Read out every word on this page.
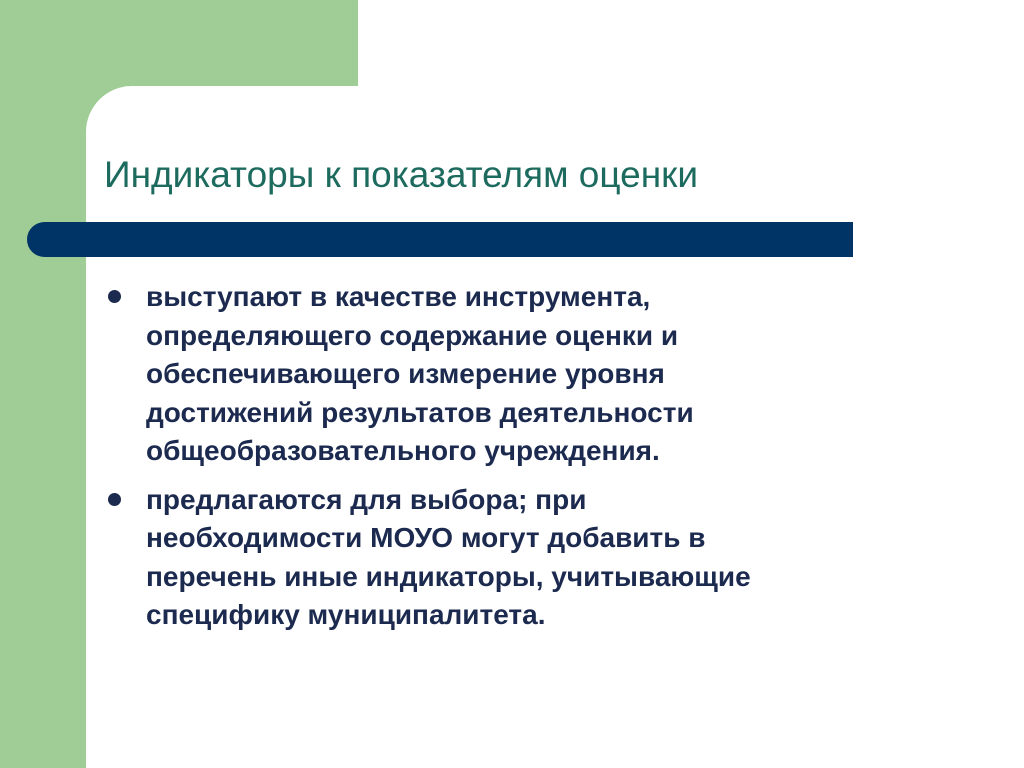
Индикаторы к показателям оценки
выступают в качестве инструмента,
определяющего содержание оценки и
обеспечивающего измерение уровня
достижений результатов деятельности
общеобразовательного учреждения.
предлагаются для выбора; при
необходимости МОУО могут добавить в
перечень иные индикаторы, учитывающие
специфику муниципалитета.
